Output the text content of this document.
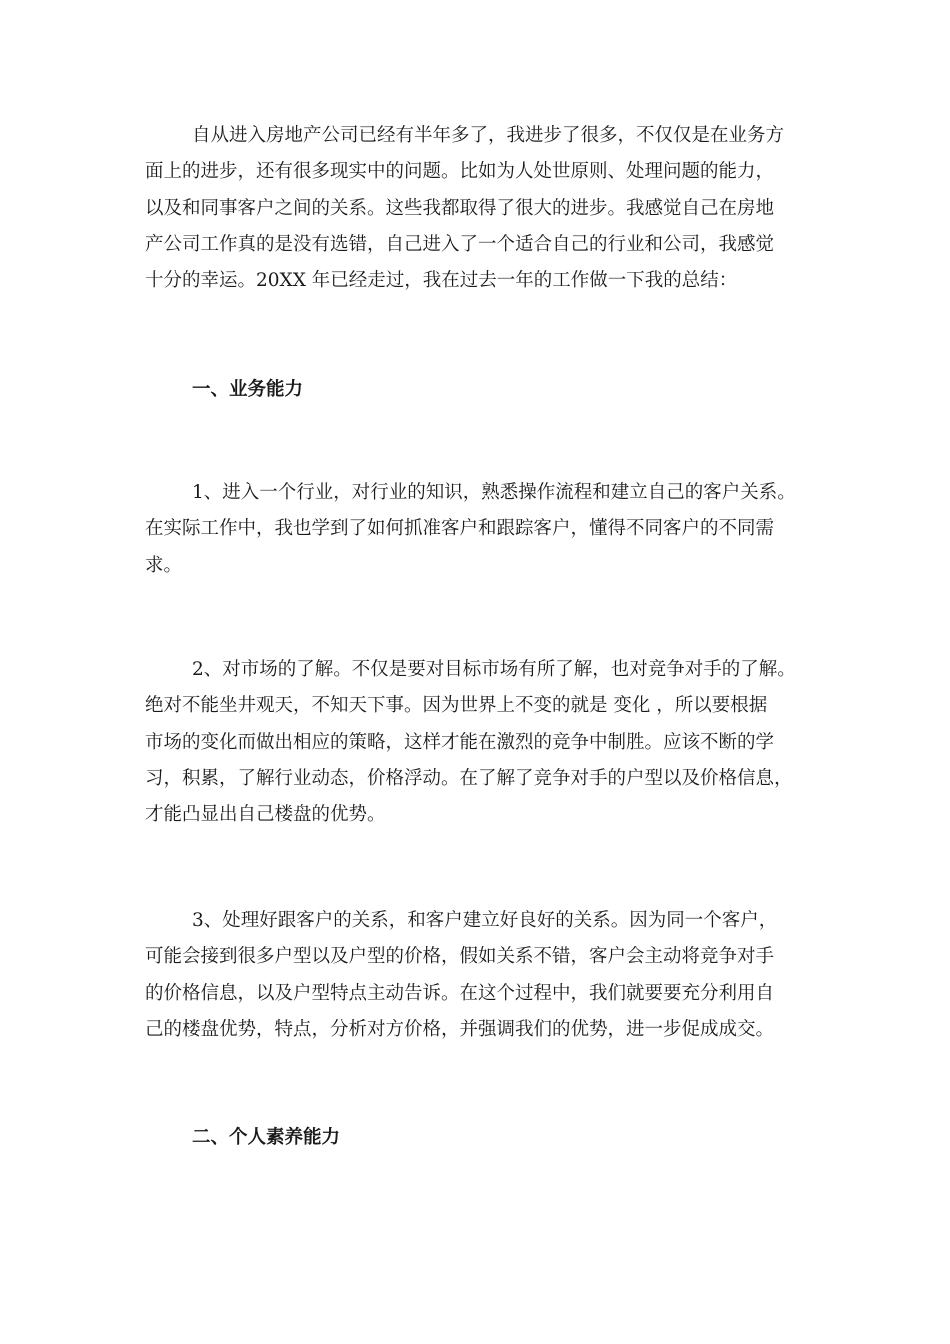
自从进入房地产公司已经有半年多了，我进步了很多，不仅仅是在业务方
面上的进步，还有很多现实中的问题。比如为人处世原则、处理问题的能力，
以及和同事客户之间的关系。这些我都取得了很大的进步。我感觉自己在房地
产公司工作真的是没有选错，自己进入了一个适合自己的行业和公司，我感觉
十分的幸运。20XX 年已经走过，我在过去一年的工作做一下我的总结：

一、业务能力

1、进入一个行业，对行业的知识，熟悉操作流程和建立自己的客户关系。
在实际工作中，我也学到了如何抓准客户和跟踪客户，懂得不同客户的不同需
求。

2、对市场的了解。不仅是要对目标市场有所了解，也对竞争对手的了解。
绝对不能坐井观天，不知天下事。因为世界上不变的就是 变化 ，所以要根据
市场的变化而做出相应的策略，这样才能在激烈的竞争中制胜。应该不断的学
习，积累，了解行业动态，价格浮动。在了解了竞争对手的户型以及价格信息，
才能凸显出自己楼盘的优势。

3、处理好跟客户的关系，和客户建立好良好的关系。因为同一个客户，
可能会接到很多户型以及户型的价格，假如关系不错，客户会主动将竞争对手
的价格信息，以及户型特点主动告诉。在这个过程中，我们就要要充分利用自
己的楼盘优势，特点，分析对方价格，并强调我们的优势，进一步促成成交。

二、个人素养能力
